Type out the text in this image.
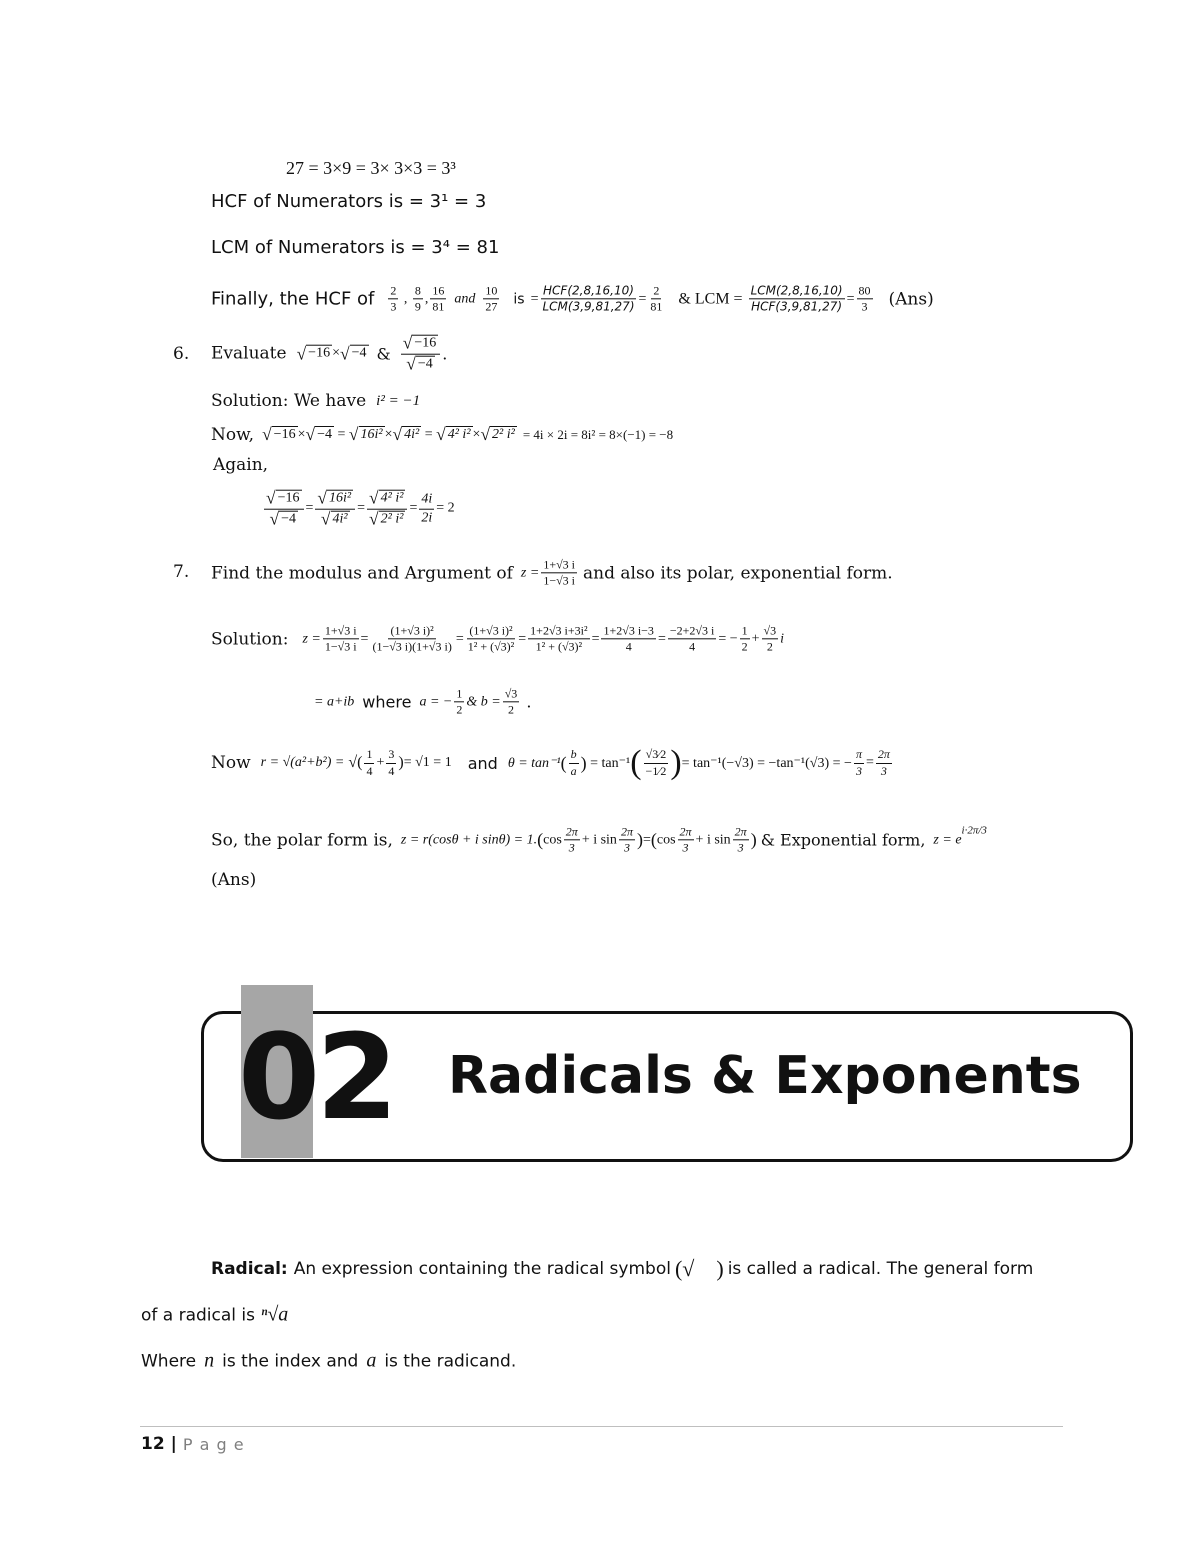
27 = 3×9 = 3× 3×3 = 3³
HCF of Numerators is = 3¹ = 3
LCM of Numerators is = 3⁴ = 81
Finally, the HCF of $\frac{2}{3}$ , $\frac{8}{9}$ , $\frac{16}{81}$ and $\frac{10}{27}$ is = $\frac{\text{HCF(2,8,16,10)}}{\text{LCM(3,9,81,27)}} = \frac{2}{81}$ & LCM = $\frac{\text{LCM(2,8,16,10)}}{\text{HCF(3,9,81,27)}} = \frac{80}{3} (Ans)$
6. Evaluate √ −16 × √ −4 & $\frac{√ -16}{√ -4}$ .
Solution: We have i² = −1
Now, √ −16 × √ −4 = √ 16i² × √ 4i² = √ 4² i² × √ 2² i² = 4i × 2i = 8i² = 8×(−1) = −8
Again,
$\frac{√ -16}{√ -4} = \frac{\text{√ 16i²}}{\text{√ 4i²}} = \frac{\text{√ 4² i²}}{\text{√ 2² i²}} = \frac{4i}{2i} = 2$
7. Find the modulus and Argument of $z = \frac{1+√3 i}{1-√3 i}$ and also its polar, exponential form.
Solution: $z = \frac{1+√3 i}{1-√3 i} = \frac{\text{(1+√3 i)²}}{(1-√3 i)(1+√3 i)} = \frac{\text{(1+√3 i)²}}{\text{1² + (√3)²}} = \frac{\text{1+2√3 i+3i²}}{\text{1² + (√3)²}} = \frac{1+2√3 i-3}{4} = \frac{-2+2√3 i}{4}$ = − $\frac{1}{2} + \frac{√3}{2}$ i
= a+ib where a = − $\frac{1}{2}$ & $b = \frac{√3}{2}$ .
Now r = √(a²+b²) = √( $\frac{1}{4} + \frac{3}{4}$ ) = √1 = 1 and θ = tan⁻¹ ( $\frac{b}{a}$ ) = tan⁻¹ ( $\frac{√3⁄2}{-1⁄2}$ ) = tan⁻¹(−√3) = −tan⁻¹(√3) = − $\frac{\pi}{3} = \frac{2\pi}{3}$
So, the polar form is, z = r(cosθ + i sinθ) = 1. ( $\cos \frac{2\pi}{3} + i$ $\sin \frac{2\pi}{3}$ ) = ( $\cos \frac{2\pi}{3} + i$ $\sin \frac{2\pi}{3}$ ) & Exponential form, z = e
$^{i\cdot 2\pi/3}$
(Ans)
02 Radicals & Exponents
Radical: An expression containing the radical symbol (√ ) is called a radical. The general form
of a radical is ⁿ√a
Where n is the index and a is the radicand.
12 | P a g e
